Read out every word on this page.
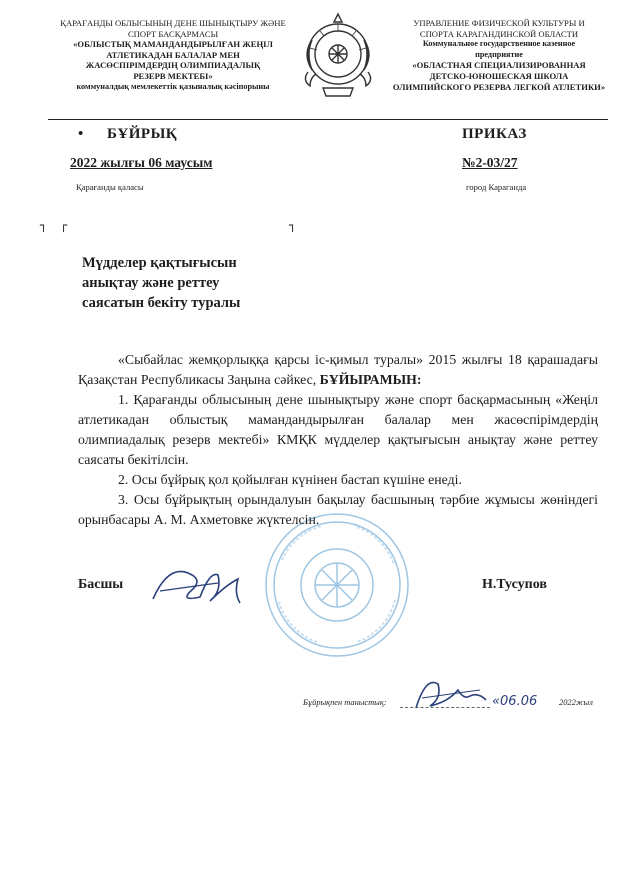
ҚАРАҒАНДЫ ОБЛЫСЫНЫҢ ДЕНЕ ШЫНЫҚТЫРУ ЖӘНЕ
СПОРТ БАСҚАРМАСЫ
«ОБЛЫСТЫҚ МАМАНДАНДЫРЫЛҒАН ЖЕҢІЛ
АТЛЕТИКАДАН БАЛАЛАР МЕН
ЖАСӨСПІРІМДЕРДІҢ ОЛИМПИАДАЛЫҚ
РЕЗЕРВ МЕКТЕБІ»
коммуналдық мемлекеттік қазыналық кәсіпорыны
УПРАВЛЕНИЕ ФИЗИЧЕСКОЙ КУЛЬТУРЫ И
СПОРТА КАРАГАНДИНСКОЙ ОБЛАСТИ
Коммунальное государственное казенное
предприятие
«ОБЛАСТНАЯ СПЕЦИАЛИЗИРОВАННАЯ
ДЕТСКО-ЮНОШЕСКАЯ ШКОЛА
ОЛИМПИЙСКОГО РЕЗЕРВА ЛЕГКОЙ АТЛЕТИКИ»
• БҰЙРЫҚ	ПРИКАЗ
2022 жылғы 06 маусым	№2-03/27
Қарағанды қаласы	город Караганда
┐ ┌	┐
Мүдделер қақтығысын
анықтау және реттеу
саясатын бекіту туралы

«Сыбайлас жемқорлыққа қарсы іс-қимыл туралы» 2015 жылғы 18 қарашадағы Қазақстан Республикасы Заңына сәйкес, БҰЙЫРАМЫН:

1. Қарағанды облысының дене шынықтыру және спорт басқармасының «Жеңіл атлетикадан облыстық мамандандырылған балалар мен жасөспірімдердің олимпиадалық резерв мектебі» КМҚК мүдделер қақтығысын анықтау және реттеу саясаты бекітілсін.

2. Осы бұйрық қол қойылған күнінен бастап күшіне енеді.

3. Осы бұйрықтың орындалуын бақылау басшының тәрбие жұмысы жөніндегі орынбасары А. М. Ахметовке жүктелсін.

Басшы	Н.Тусупов
Бұйрықпен таныстық:	«06.06	2022жыл
